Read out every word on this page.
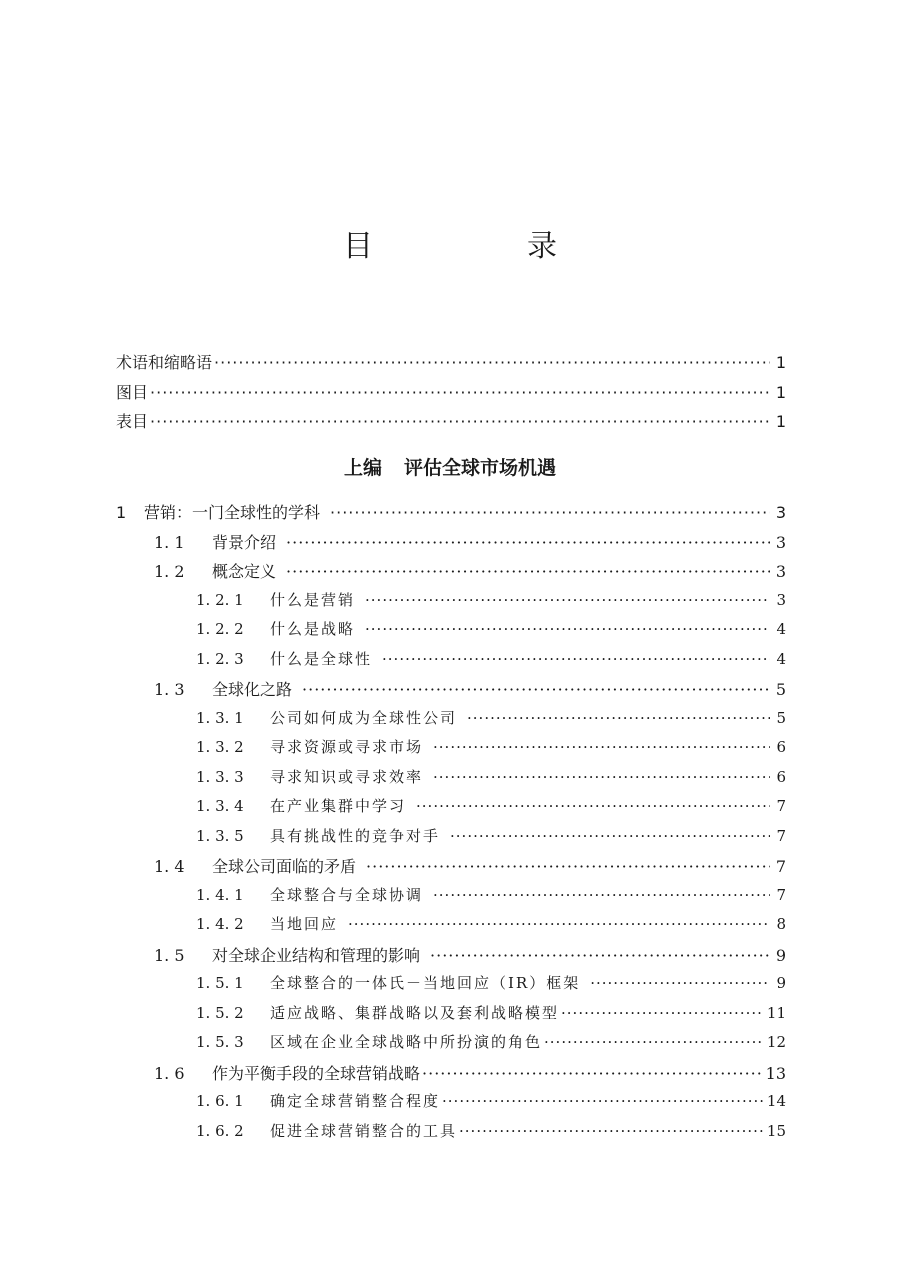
目　录
术语和缩略语 ·····	1
图目 ·····	1
表目 ·····	1
上编 评估全球市场机遇
1	营销：一门全球性的学科 ·····	3
1. 1	背景介绍 ·····	3
1. 2	概念定义 ·····	3
1. 2. 1	什么是营销 ·····	3
1. 2. 2	什么是战略 ·····	4
1. 2. 3	什么是全球性 ·····	4
1. 3	全球化之路 ·····	5
1. 3. 1	公司如何成为全球性公司 ·····	5
1. 3. 2	寻求资源或寻求市场 ·····	6
1. 3. 3	寻求知识或寻求效率 ·····	6
1. 3. 4	在产业集群中学习 ·····	7
1. 3. 5	具有挑战性的竞争对手 ·····	7
1. 4	全球公司面临的矛盾 ·····	7
1. 4. 1	全球整合与全球协调 ·····	7
1. 4. 2	当地回应 ·····	8
1. 5	对全球企业结构和管理的影响 ·····	9
1. 5. 1	全球整合的一体氏－当地回应（IR）框架 ·····	9
1. 5. 2	适应战略、集群战略以及套利战略模型 ·····	11
1. 5. 3	区域在企业全球战略中所扮演的角色 ·····	12
1. 6	作为平衡手段的全球营销战略 ·····	13
1. 6. 1	确定全球营销整合程度 ·····	14
1. 6. 2	促进全球营销整合的工具 ·····	15
